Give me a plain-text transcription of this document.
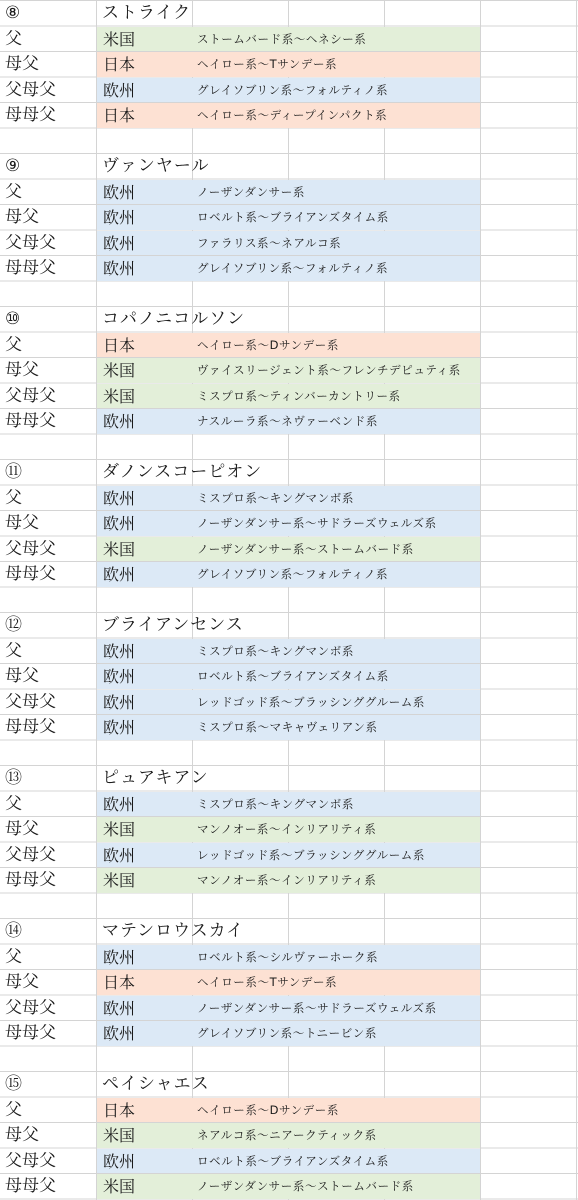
⑧	ストライク
父	米国	ストームバード系～ヘネシー系
母父	日本	ヘイロー系～Tサンデー系
父母父	欧州	グレイソブリン系～フォルティノ系
母母父	日本	ヘイロー系～ディープインパクト系
⑨	ヴァンヤール
父	欧州	ノーザンダンサー系
母父	欧州	ロベルト系～ブライアンズタイム系
父母父	欧州	ファラリス系～ネアルコ系
母母父	欧州	グレイソブリン系～フォルティノ系
⑩	コパノニコルソン
父	日本	ヘイロー系～Dサンデー系
母父	米国	ヴァイスリージェント系～フレンチデピュティ系
父母父	米国	ミスプロ系～ティンバーカントリー系
母母父	欧州	ナスルーラ系～ネヴァーベンド系
⑪	ダノンスコーピオン
父	欧州	ミスプロ系～キングマンボ系
母父	欧州	ノーザンダンサー系～サドラーズウェルズ系
父母父	米国	ノーザンダンサー系～ストームバード系
母母父	欧州	グレイソブリン系～フォルティノ系
⑫	ブライアンセンス
父	欧州	ミスプロ系～キングマンボ系
母父	欧州	ロベルト系～ブライアンズタイム系
父母父	欧州	レッドゴッド系～ブラッシンググルーム系
母母父	欧州	ミスプロ系～マキャヴェリアン系
⑬	ピュアキアン
父	欧州	ミスプロ系～キングマンボ系
母父	米国	マンノオー系～インリアリティ系
父母父	欧州	レッドゴッド系～ブラッシンググルーム系
母母父	米国	マンノオー系～インリアリティ系
⑭	マテンロウスカイ
父	欧州	ロベルト系～シルヴァーホーク系
母父	日本	ヘイロー系～Tサンデー系
父母父	欧州	ノーザンダンサー系～サドラーズウェルズ系
母母父	欧州	グレイソブリン系～トニービン系
⑮	ペイシャエス
父	日本	ヘイロー系～Dサンデー系
母父	米国	ネアルコ系～ニアークティック系
父母父	欧州	ロベルト系～ブライアンズタイム系
母母父	米国	ノーザンダンサー系～ストームバード系
